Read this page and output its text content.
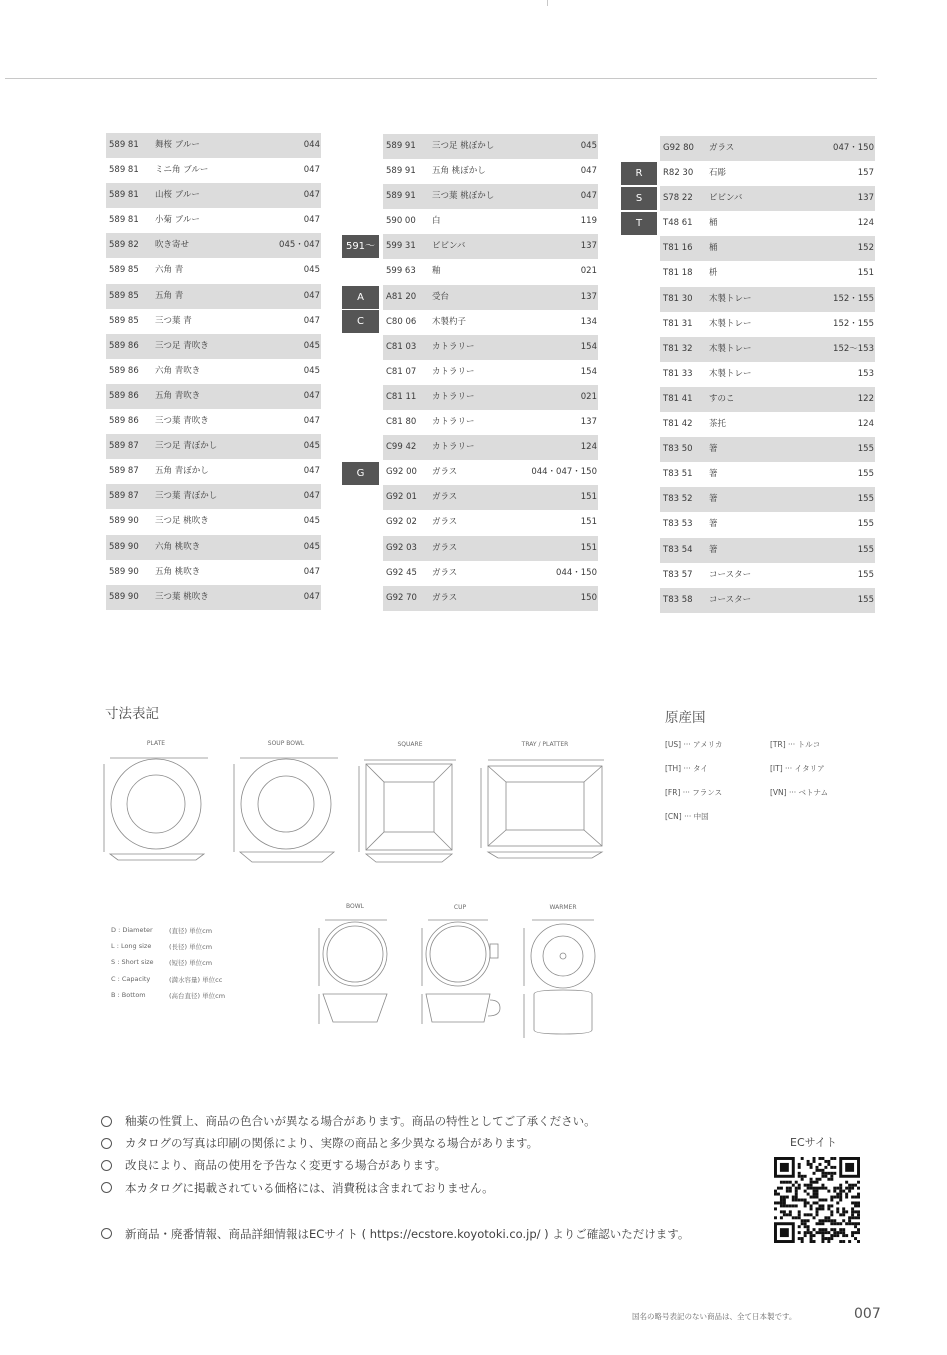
589 81	舞桜 ブルー	044
589 81	ミニ角 ブルー	047
589 81	山桜 ブルー	047
589 81	小菊 ブルー	047
589 82	吹き寄せ	045・047
589 85	六角 青	045
589 85	五角 青	047
589 85	三つ葉 青	047
589 86	三つ足 青吹き	045
589 86	六角 青吹き	045
589 86	五角 青吹き	047
589 86	三つ葉 青吹き	047
589 87	三つ足 青ぼかし	045
589 87	五角 青ぼかし	047
589 87	三つ葉 青ぼかし	047
589 90	三つ足 桃吹き	045
589 90	六角 桃吹き	045
589 90	五角 桃吹き	047
589 90	三つ葉 桃吹き	047
589 91	三つ足 桃ぼかし	045
589 91	五角 桃ぼかし	047
589 91	三つ葉 桃ぼかし	047
590 00	白	119
599 31	ビビンバ	137
599 63	釉	021
A81 20	受台	137
C80 06	木製杓子	134
C81 03	カトラリー	154
C81 07	カトラリー	154
C81 11	カトラリー	021
C81 80	カトラリー	137
C99 42	カトラリー	124
G92 00	ガラス	044・047・150
G92 01	ガラス	151
G92 02	ガラス	151
G92 03	ガラス	151
G92 45	ガラス	044・150
G92 70	ガラス	150
G92 80	ガラス	047・150
R82 30	石彫	157
S78 22	ビビンバ	137
T48 61	桶	124
T81 16	桶	152
T81 18	枡	151
T81 30	木製トレー	152・155
T81 31	木製トレー	152・155
T81 32	木製トレー	152～153
T81 33	木製トレー	153
T81 41	すのこ	122
T81 42	茶托	124
T83 50	箸	155
T83 51	箸	155
T83 52	箸	155
T83 53	箸	155
T83 54	箸	155
T83 57	コースター	155
T83 58	コースター	155
591～
A
C
G
R
S
T
寸法表記
PLATE	SOUP BOWL	SQUARE	TRAY / PLATTER
BOWL	CUP	WARMER
D : Diameter	(直径) 単位cm
L : Long size	(長径) 単位cm
S : Short size	(短径) 単位cm
C : Capacity	(満水容量) 単位cc
B : Bottom	(高台直径) 単位cm
原産国
[US] ··· アメリカ
[TH] ··· タイ
[FR] ··· フランス
[CN] ··· 中国
[TR] ··· トルコ
[IT] ··· イタリア
[VN] ··· ベトナム
釉薬の性質上、商品の色合いが異なる場合があります。商品の特性としてご了承ください。
カタログの写真は印刷の関係により、実際の商品と多少異なる場合があります。
改良により、商品の使用を予告なく変更する場合があります。
本カタログに掲載されている価格には、消費税は含まれておりません。
新商品・廃番情報、商品詳細情報はECサイト ( https://ecstore.koyotoki.co.jp/ ) よりご確認いただけます。
ECサイト
国名の略号表記のない商品は、全て日本製です。	007
